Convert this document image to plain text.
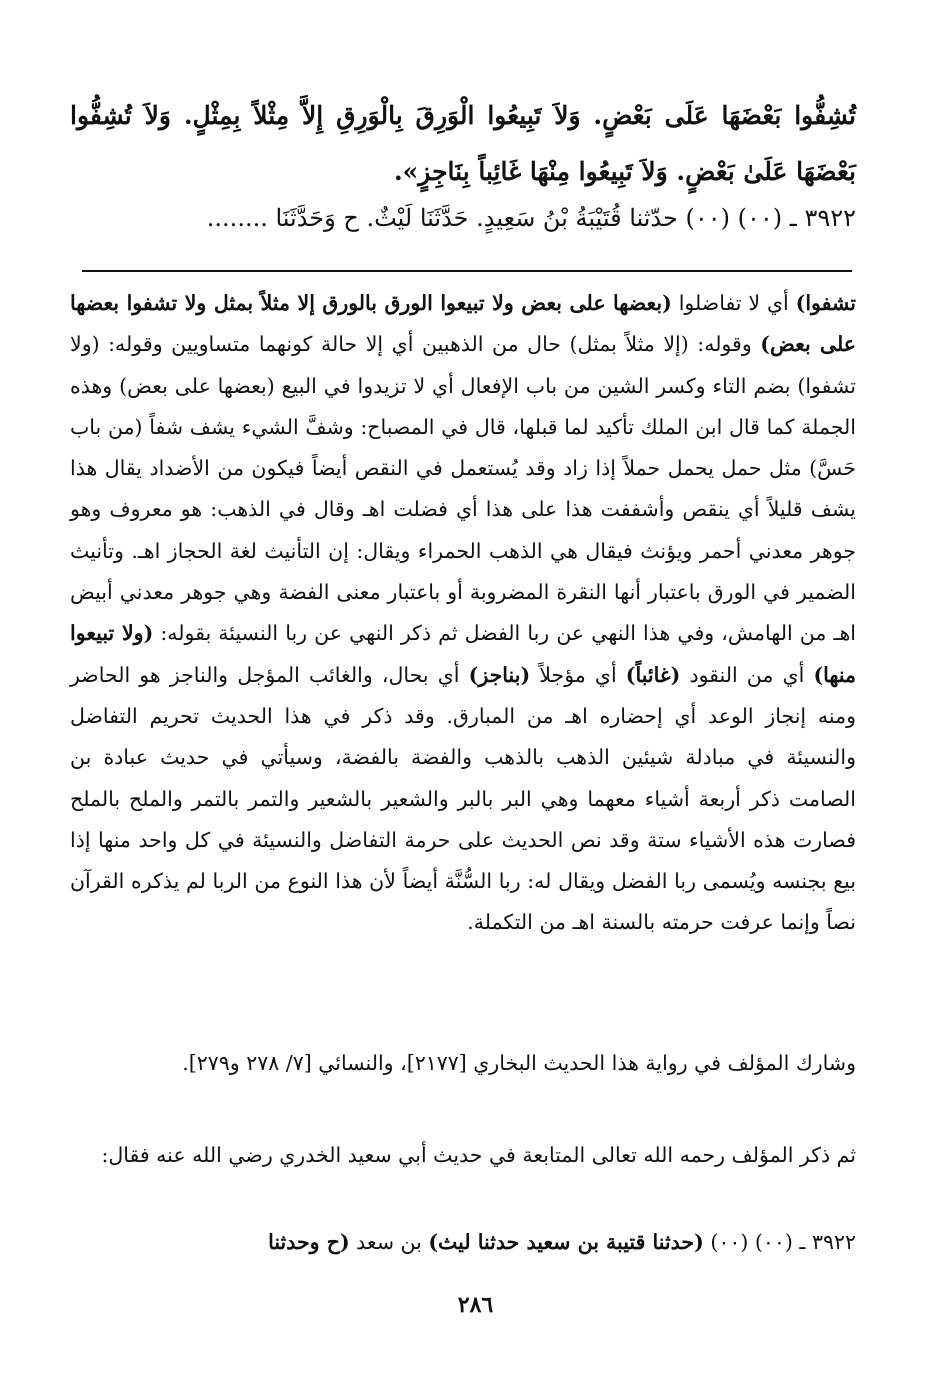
تُشِفُّوا بَعْضَهَا عَلَى بَعْضٍ. وَلاَ تَبِيعُوا الْوَرِقَ بِالْوَرِقِ إِلاَّ مِثْلاً بِمِثْلٍ. وَلاَ تُشِفُّوا بَعْضَهَا عَلَىٰ بَعْضٍ. وَلاَ تَبِيعُوا مِنْهَا غَائِباً بِنَاجِزٍ».

٣٩٢٢ ـ (٠٠) (٠٠) حدّثنا قُتَيْبَةُ بْنُ سَعِيدٍ. حَدَّثَنَا لَيْثٌ. ح وَحَدَّثَنَا ........

تشفوا) أي لا تفاضلوا (بعضها على بعض ولا تبيعوا الورق بالورق إلا مثلاً بمثل ولا تشفوا بعضها على بعض) وقوله: (إلا مثلاً بمثل) حال من الذهبين أي إلا حالة كونهما متساويين وقوله: (ولا تشفوا) بضم التاء وكسر الشين من باب الإفعال أي لا تزيدوا في البيع (بعضها على بعض) وهذه الجملة كما قال ابن الملك تأكيد لما قبلها، قال في المصباح: وشفَّ الشيء يشف شفاً (من باب حَسَّ) مثل حمل يحمل حملاً إذا زاد وقد يُستعمل في النقص أيضاً فيكون من الأضداد يقال هذا يشف قليلاً أي ينقص وأشففت هذا على هذا أي فضلت اهـ وقال في الذهب: هو معروف وهو جوهر معدني أحمر ويؤنث فيقال هي الذهب الحمراء ويقال: إن التأنيث لغة الحجاز اهـ. وتأنيث الضمير في الورق باعتبار أنها النقرة المضروبة أو باعتبار معنى الفضة وهي جوهر معدني أبيض اهـ من الهامش، وفي هذا النهي عن ربا الفضل ثم ذكر النهي عن ربا النسيئة بقوله: (ولا تبيعوا منها) أي من النقود (غائباً) أي مؤجلاً (بناجز) أي بحال، والغائب المؤجل والناجز هو الحاضر ومنه إنجاز الوعد أي إحضاره اهـ من المبارق. وقد ذكر في هذا الحديث تحريم التفاضل والنسيئة في مبادلة شيئين الذهب بالذهب والفضة بالفضة، وسيأتي في حديث عبادة بن الصامت ذكر أربعة أشياء معهما وهي البر بالبر والشعير بالشعير والتمر بالتمر والملح بالملح فصارت هذه الأشياء ستة وقد نص الحديث على حرمة التفاضل والنسيئة في كل واحد منها إذا بيع بجنسه ويُسمى ربا الفضل ويقال له: ربا السُّنَّة أيضاً لأن هذا النوع من الربا لم يذكره القرآن نصاً وإنما عرفت حرمته بالسنة اهـ من التكملة.

وشارك المؤلف في رواية هذا الحديث البخاري [٢١٧٧]، والنسائي [٧/ ٢٧٨ و٢٧٩].

ثم ذكر المؤلف رحمه الله تعالى المتابعة في حديث أبي سعيد الخدري رضي الله عنه فقال:

٣٩٢٢ ـ (٠٠) (٠٠) (حدثنا قتيبة بن سعيد حدثنا ليث) بن سعد (ح وحدثنا

٢٨٦
